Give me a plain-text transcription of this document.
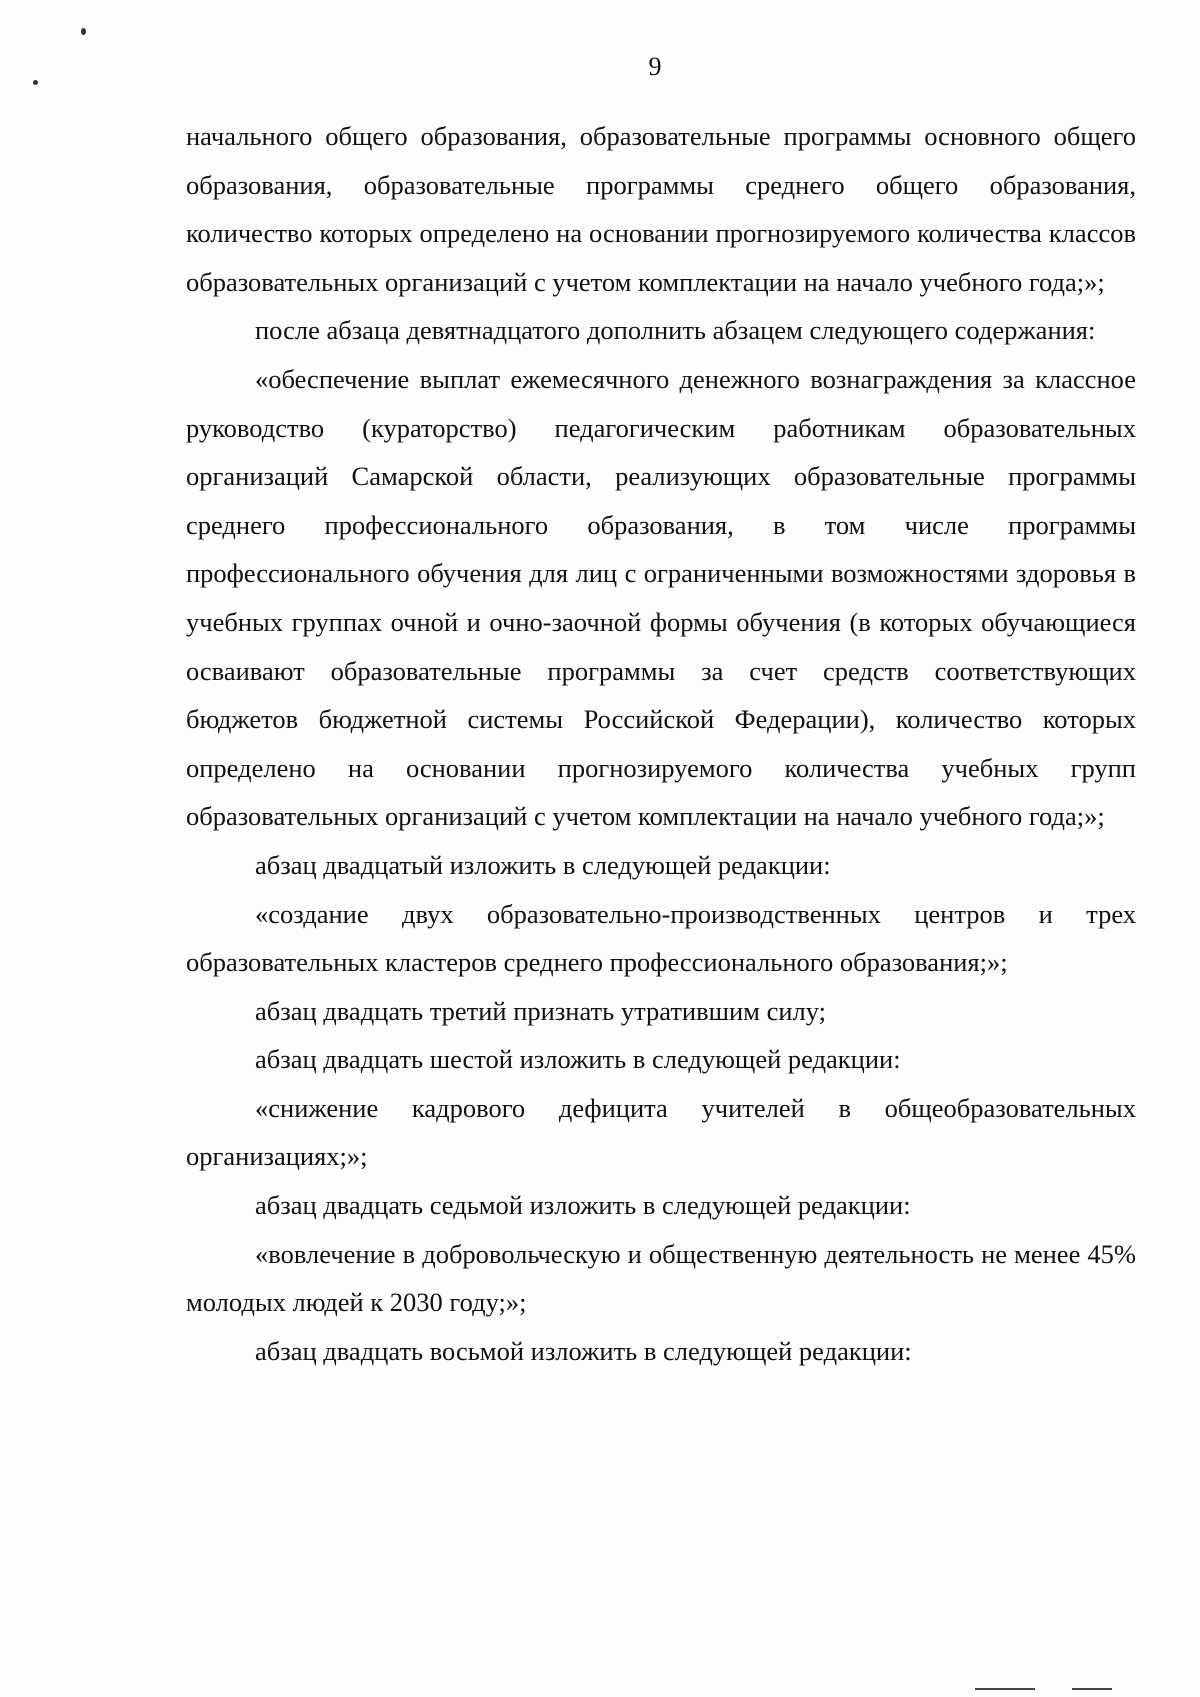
9

начального общего образования, образовательные программы основного общего образования, образовательные программы среднего общего образования, количество которых определено на основании прогнозируемого количества классов образовательных организаций с учетом комплектации на начало учебного года;»;

после абзаца девятнадцатого дополнить абзацем следующего содержания:

«обеспечение выплат ежемесячного денежного вознаграждения за классное руководство (кураторство) педагогическим работникам образовательных организаций Самарской области, реализующих образовательные программы среднего профессионального образования, в том числе программы профессионального обучения для лиц с ограниченными возможностями здоровья в учебных группах очной и очно-заочной формы обучения (в которых обучающиеся осваивают образовательные программы за счет средств соответствующих бюджетов бюджетной системы Российской Федерации), количество которых определено на основании прогнозируемого количества учебных групп образовательных организаций с учетом комплектации на начало учебного года;»;

абзац двадцатый изложить в следующей редакции:

«создание двух образовательно-производственных центров и трех образовательных кластеров среднего профессионального образования;»;

абзац двадцать третий признать утратившим силу;

абзац двадцать шестой изложить в следующей редакции:

«снижение кадрового дефицита учителей в общеобразовательных организациях;»;

абзац двадцать седьмой изложить в следующей редакции:

«вовлечение в добровольческую и общественную деятельность не менее 45% молодых людей к 2030 году;»;

абзац двадцать восьмой изложить в следующей редакции:
